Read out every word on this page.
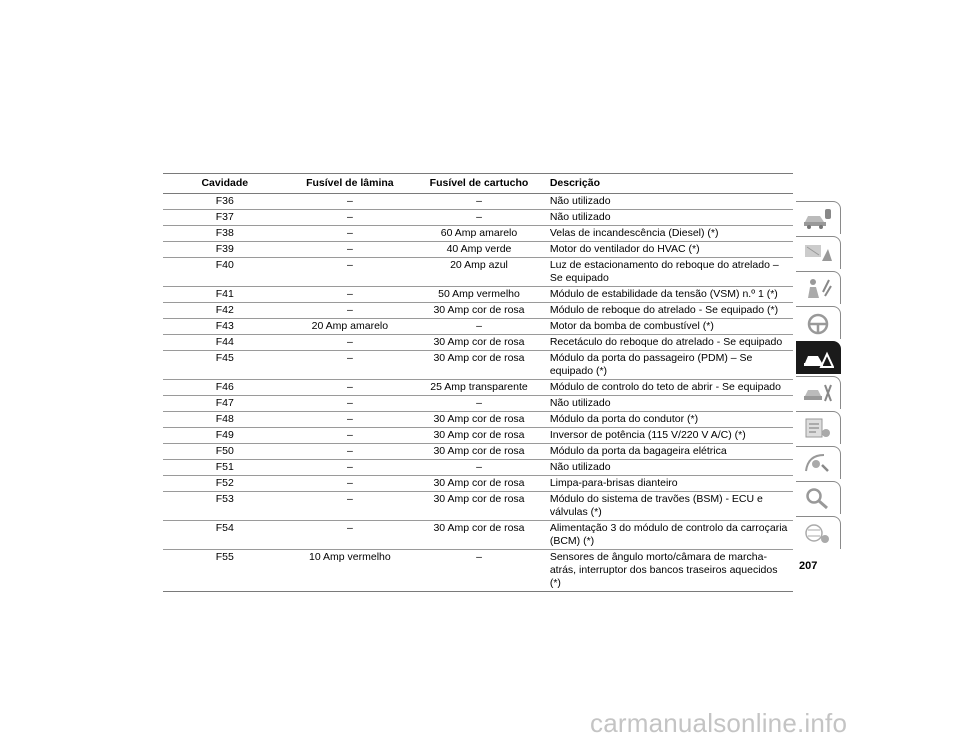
Cavidade	Fusível de lâmina	Fusível de cartucho	Descrição
F36	–	–	Não utilizado
F37	–	–	Não utilizado
F38	–	60 Amp amarelo	Velas de incandescência (Diesel) (*)
F39	–	40 Amp verde	Motor do ventilador do HVAC (*)
F40	–	20 Amp azul	Luz de estacionamento do reboque do atrelado – Se equipado
F41	–	50 Amp vermelho	Módulo de estabilidade da tensão (VSM) n.º 1 (*)
F42	–	30 Amp cor de rosa	Módulo de reboque do atrelado - Se equipado (*)
F43	20 Amp amarelo	–	Motor da bomba de combustível (*)
F44	–	30 Amp cor de rosa	Recetáculo do reboque do atrelado - Se equipado
F45	–	30 Amp cor de rosa	Módulo da porta do passageiro (PDM) – Se equipado (*)
F46	–	25 Amp transparente	Módulo de controlo do teto de abrir - Se equipado
F47	–	–	Não utilizado
F48	–	30 Amp cor de rosa	Módulo da porta do condutor (*)
F49	–	30 Amp cor de rosa	Inversor de potência (115 V/220 V A/C) (*)
F50	–	30 Amp cor de rosa	Módulo da porta da bagageira elétrica
F51	–	–	Não utilizado
F52	–	30 Amp cor de rosa	Limpa-para-brisas dianteiro
F53	–	30 Amp cor de rosa	Módulo do sistema de travões (BSM) - ECU e válvulas (*)
F54	–	30 Amp cor de rosa	Alimentação 3 do módulo de controlo da carroçaria (BCM) (*)
F55	10 Amp vermelho	–	Sensores de ângulo morto/câmara de marcha-atrás, interruptor dos bancos traseiros aquecidos (*)
207
carmanualsonline.info
